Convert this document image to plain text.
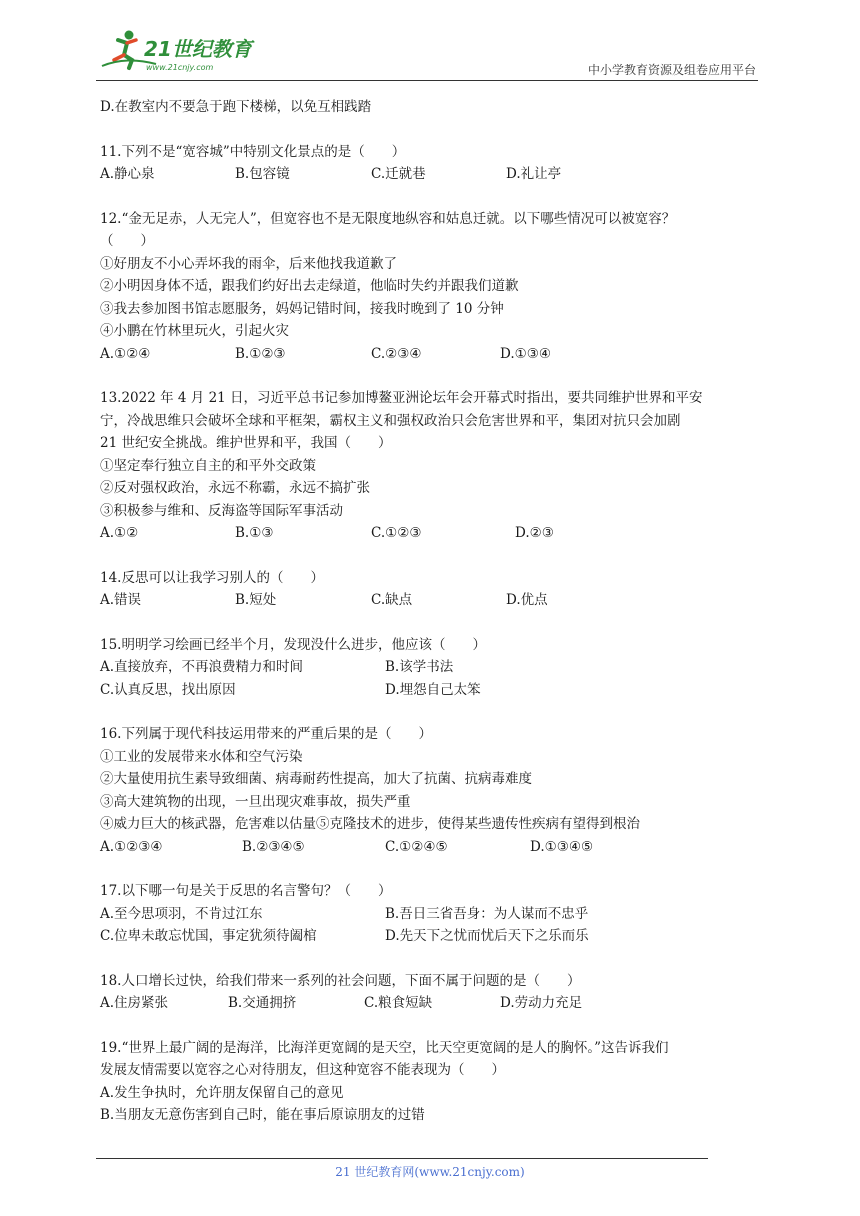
21世纪教育
www.21cnjy.com	中小学教育资源及组卷应用平台
D.在教室内不要急于跑下楼梯，以免互相践踏
11.下列不是“宽容城”中特别文化景点的是（　　）
A.静心泉	B.包容镜	C.迁就巷	D.礼让亭
12.“金无足赤，人无完人”，但宽容也不是无限度地纵容和姑息迁就。以下哪些情况可以被宽容？
（　　）
①好朋友不小心弄坏我的雨伞，后来他找我道歉了
②小明因身体不适，跟我们约好出去走绿道，他临时失约并跟我们道歉
③我去参加图书馆志愿服务，妈妈记错时间，接我时晚到了 10 分钟
④小鹏在竹林里玩火，引起火灾
A.①②④	B.①②③	C.②③④	D.①③④
13.2022 年 4 月 21 日，习近平总书记参加博鳌亚洲论坛年会开幕式时指出，要共同维护世界和平安
宁，冷战思维只会破坏全球和平框架，霸权主义和强权政治只会危害世界和平，集团对抗只会加剧
21 世纪安全挑战。维护世界和平，我国（　　）
①坚定奉行独立自主的和平外交政策
②反对强权政治，永远不称霸，永远不搞扩张
③积极参与维和、反海盗等国际军事活动
A.①②	B.①③	C.①②③	D.②③
14.反思可以让我学习别人的（　　）
A.错误	B.短处	C.缺点	D.优点
15.明明学习绘画已经半个月，发现没什么进步，他应该（　　）
A.直接放弃，不再浪费精力和时间	B.该学书法
C.认真反思，找出原因	D.埋怨自己太笨
16.下列属于现代科技运用带来的严重后果的是（　　）
①工业的发展带来水体和空气污染
②大量使用抗生素导致细菌、病毒耐药性提高，加大了抗菌、抗病毒难度
③高大建筑物的出现，一旦出现灾难事故，损失严重
④威力巨大的核武器，危害难以估量⑤克隆技术的进步，使得某些遗传性疾病有望得到根治
A.①②③④	B.②③④⑤	C.①②④⑤	D.①③④⑤
17.以下哪一句是关于反思的名言警句？（　　）
A.至今思项羽，不肯过江东	B.吾日三省吾身：为人谋而不忠乎
C.位卑未敢忘忧国，事定犹须待阖棺	D.先天下之忧而忧后天下之乐而乐
18.人口增长过快，给我们带来一系列的社会问题，下面不属于问题的是（　　）
A.住房紧张	B.交通拥挤	C.粮食短缺	D.劳动力充足
19.“世界上最广阔的是海洋，比海洋更宽阔的是天空，比天空更宽阔的是人的胸怀。”这告诉我们
发展友情需要以宽容之心对待朋友，但这种宽容不能表现为（　　）
A.发生争执时，允许朋友保留自己的意见
B.当朋友无意伤害到自己时，能在事后原谅朋友的过错
21 世纪教育网(www.21cnjy.com)
